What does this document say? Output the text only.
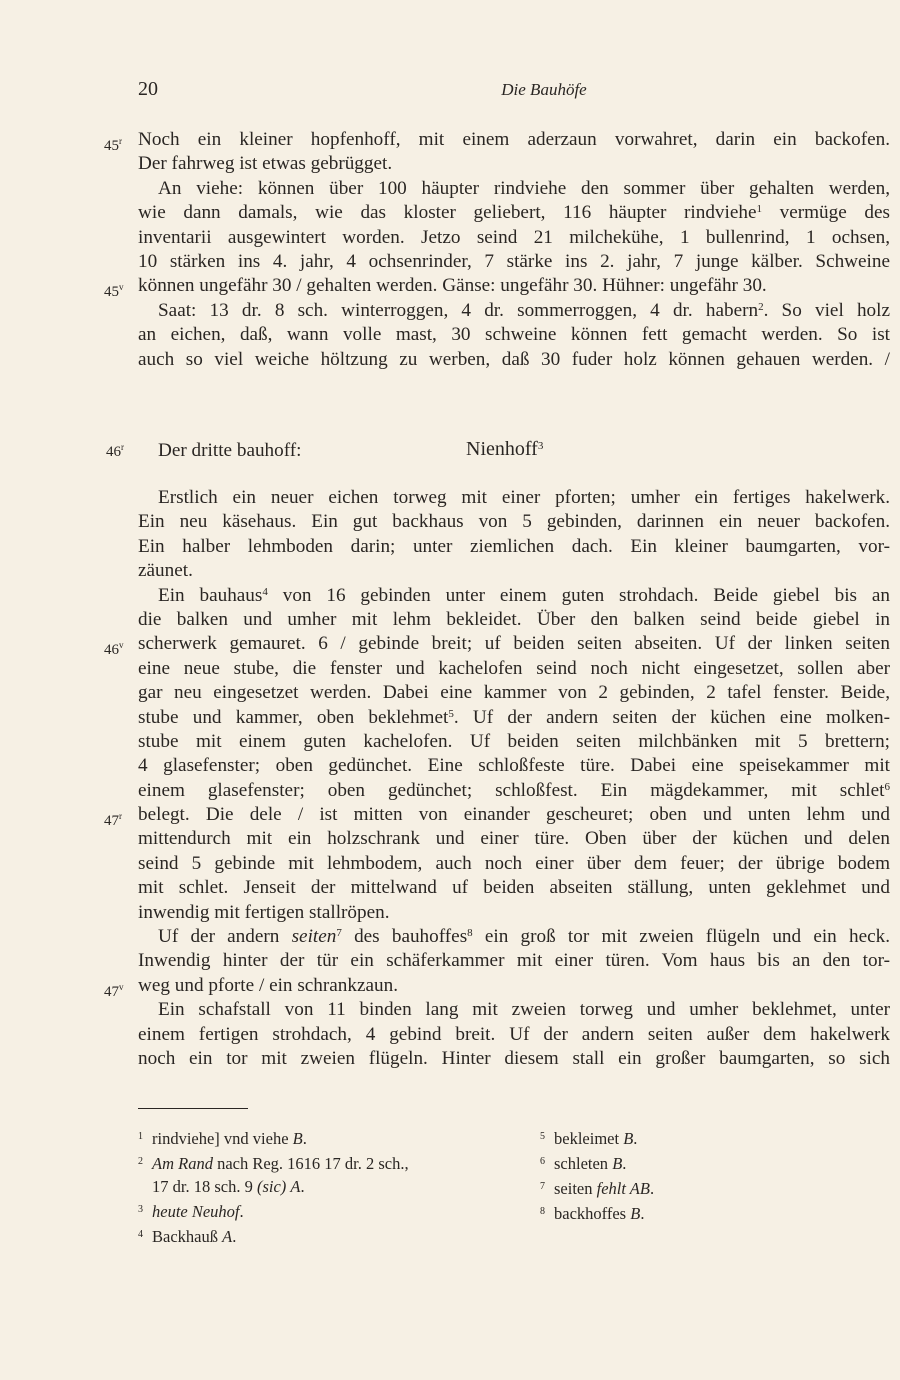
20	Die Bauhöfe
45$^r$ Noch ein kleiner hopfenhoff, mit einem aderzaun vorwahret, darin ein backofen.
Der fahrweg ist etwas gebrügget.
An viehe: können über 100 häupter rindviehe den sommer über gehalten werden,
wie dann damals, wie das kloster geliebert, 116 häupter rindviehe$^1$ vermüge des
inventarii ausgewintert worden. Jetzo seind 21 milchekühe, 1 bullenrind, 1 ochsen,
10 stärken ins 4. jahr, 4 ochsenrinder, 7 stärke ins 2. jahr, 7 junge kälber. Schweine
45$^v$ können ungefähr 30 / gehalten werden. Gänse: ungefähr 30. Hühner: ungefähr 30.
Saat: 13 dr. 8 sch. winterroggen, 4 dr. sommerroggen, 4 dr. habern$^2$. So viel holz
an eichen, daß, wann volle mast, 30 schweine können fett gemacht werden. So ist
auch so viel weiche höltzung zu werben, daß 30 fuder holz können gehauen werden. /
46$^r$ Der dritte bauhoff:	Nienhoff$^3$
Erstlich ein neuer eichen torweg mit einer pforten; umher ein fertiges hakelwerk.
Ein neu käsehaus. Ein gut backhaus von 5 gebinden, darinnen ein neuer backofen.
Ein halber lehmboden darin; unter ziemlichen dach. Ein kleiner baumgarten, vor-
zäunet.
Ein bauhaus$^4$ von 16 gebinden unter einem guten strohdach. Beide giebel bis an
die balken und umher mit lehm bekleidet. Über den balken seind beide giebel in
46$^v$ scherwerk gemauret. 6 / gebinde breit; uf beiden seiten abseiten. Uf der linken seiten
eine neue stube, die fenster und kachelofen seind noch nicht eingesetzet, sollen aber
gar neu eingesetzet werden. Dabei eine kammer von 2 gebinden, 2 tafel fenster. Beide,
stube und kammer, oben beklehmet$^5$. Uf der andern seiten der küchen eine molken-
stube mit einem guten kachelofen. Uf beiden seiten milchbänken mit 5 brettern;
4 glasefenster; oben gedünchet. Eine schloßfeste türe. Dabei eine speisekammer mit
einem glasefenster; oben gedünchet; schloßfest. Ein mägdekammer, mit schlet$^6$
47$^r$ belegt. Die dele / ist mitten von einander gescheuret; oben und unten lehm und
mittendurch mit ein holzschrank und einer türe. Oben über der küchen und delen
seind 5 gebinde mit lehmbodem, auch noch einer über dem feuer; der übrige bodem
mit schlet. Jenseit der mittelwand uf beiden abseiten ställung, unten geklehmet und
inwendig mit fertigen stallröpen.
Uf der andern seiten$^7$ des bauhoffes$^8$ ein groß tor mit zweien flügeln und ein heck.
Inwendig hinter der tür ein schäferkammer mit einer türen. Vom haus bis an den tor-
47$^v$ weg und pforte / ein schrankzaun.
Ein schafstall von 11 binden lang mit zweien torweg und umher beklehmet, unter
einem fertigen strohdach, 4 gebind breit. Uf der andern seiten außer dem hakelwerk
noch ein tor mit zweien flügeln. Hinter diesem stall ein großer baumgarten, so sich
1 rindviehe] vnd viehe B.
2 Am Rand nach Reg. 1616 17 dr. 2 sch.,
17 dr. 18 sch. 9 (sic) A.
3 heute Neuhof.
4 Backhauß A.
5 bekleimet B.
6 schleten B.
7 seiten fehlt AB.
8 backhoffes B.
